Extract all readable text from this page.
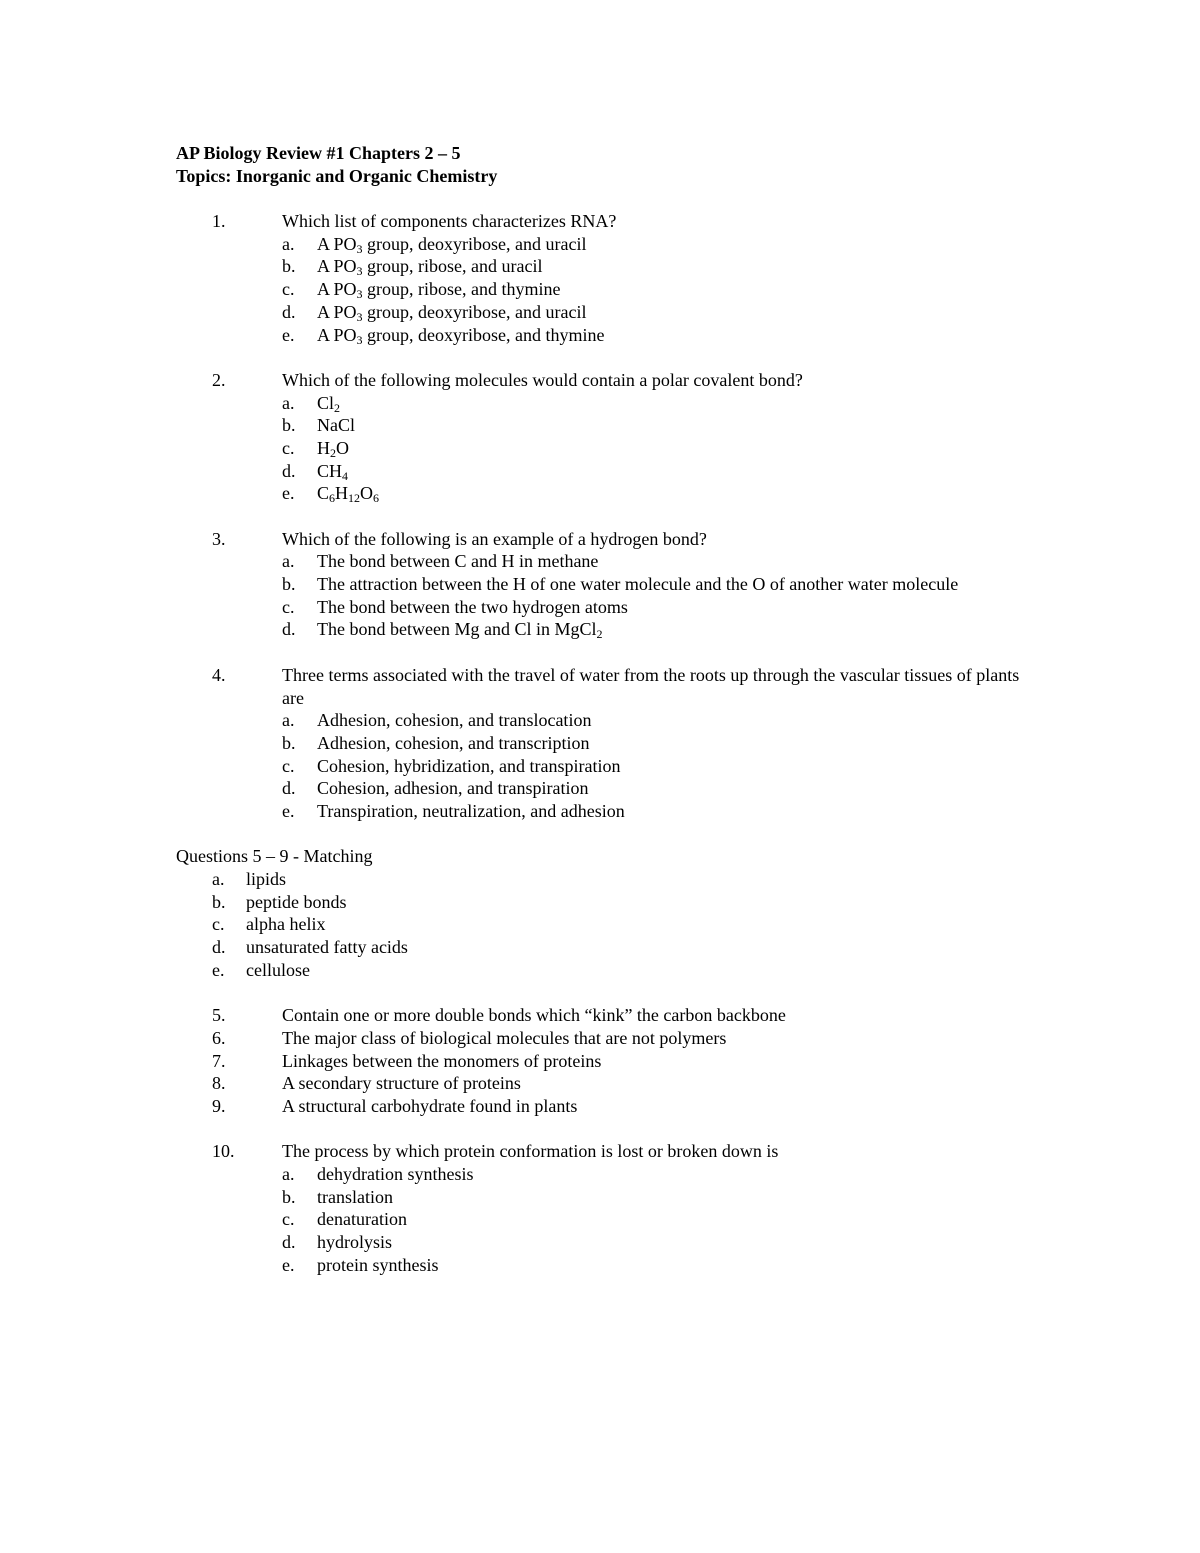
AP Biology Review #1 Chapters 2 – 5
Topics: Inorganic and Organic Chemistry
1.	Which list of components characterizes RNA?
a. A $PO_3$ group, deoxyribose, and uracil
b. A $PO_3$ group, ribose, and uracil
c. A $PO_3$ group, ribose, and thymine
d. A $PO_3$ group, deoxyribose, and uracil
e. A $PO_3$ group, deoxyribose, and thymine
2.	Which of the following molecules would contain a polar covalent bond?
a. $Cl_2$
b. NaCl
c. $H_2O$
d. $CH_4$
e. $C_6H_{12}O_6$
3.	Which of the following is an example of a hydrogen bond?
a. The bond between C and H in methane
b. The attraction between the H of one water molecule and the O of another water molecule
c. The bond between the two hydrogen atoms
d. The bond between Mg and Cl in MgCl$_2$
4.	Three terms associated with the travel of water from the roots up through the vascular tissues of plants are
a. Adhesion, cohesion, and translocation
b. Adhesion, cohesion, and transcription
c. Cohesion, hybridization, and transpiration
d. Cohesion, adhesion, and transpiration
e. Transpiration, neutralization, and adhesion
Questions 5 – 9 - Matching
a. lipids
b. peptide bonds
c. alpha helix
d. unsaturated fatty acids
e. cellulose
5.	Contain one or more double bonds which “kink” the carbon backbone
6.	The major class of biological molecules that are not polymers
7.	Linkages between the monomers of proteins
8.	A secondary structure of proteins
9.	A structural carbohydrate found in plants
10.	The process by which protein conformation is lost or broken down is
a. dehydration synthesis
b. translation
c. denaturation
d. hydrolysis
e. protein synthesis
